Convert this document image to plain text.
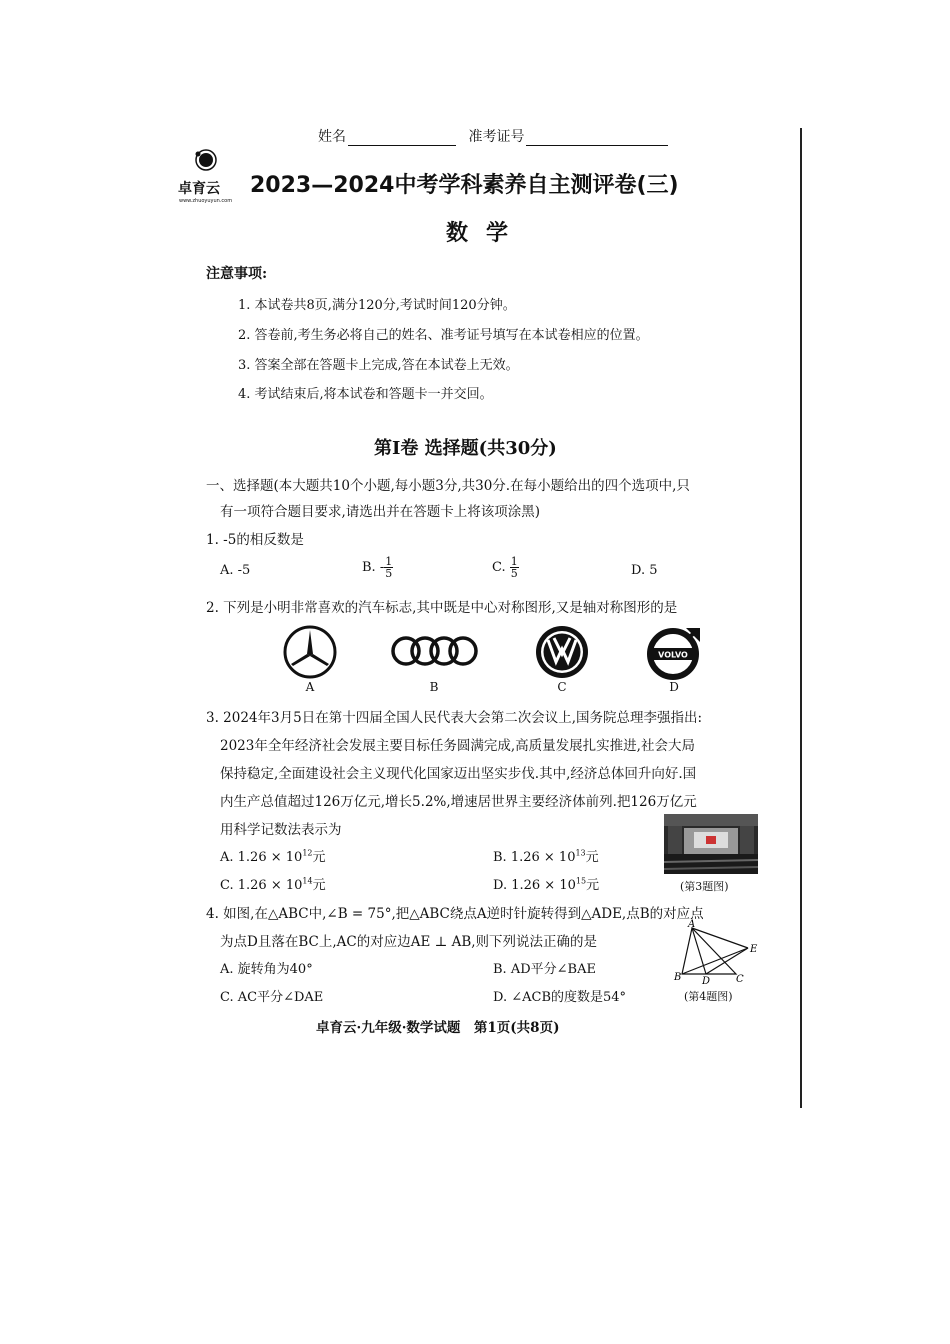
姓名	准考证号
卓育云
www.zhuoyuyun.com
2023—2024中考学科素养自主测评卷(三)
数学
注意事项:
1. 本试卷共8页,满分120分,考试时间120分钟。
2. 答卷前,考生务必将自己的姓名、准考证号填写在本试卷相应的位置。
3. 答案全部在答题卡上完成,答在本试卷上无效。
4. 考试结束后,将本试卷和答题卡一并交回。
第Ⅰ卷 选择题(共30分)
一、选择题(本大题共10个小题,每小题3分,共30分.在每小题给出的四个选项中,只
有一项符合题目要求,请选出并在答题卡上将该项涂黑)
1. -5的相反数是
A. -5	B. - $\frac{1}{5}$	C. $\frac{1}{5}$	D. 5
2. 下列是小明非常喜欢的汽车标志,其中既是中心对称图形,又是轴对称图形的是
A	B	C
VOLVO
D
3. 2024年3月5日在第十四届全国人民代表大会第二次会议上,国务院总理李强指出:
2023年全年经济社会发展主要目标任务圆满完成,高质量发展扎实推进,社会大局
保持稳定,全面建设社会主义现代化国家迈出坚实步伐.其中,经济总体回升向好.国
内生产总值超过126万亿元,增长5.2%,增速居世界主要经济体前列.把126万亿元
用科学记数法表示为
A. $1.26 \times 10^{12}$元	B. $1.26 \times 10^{13}$元
C. $1.26 \times 10^{14}$元	D. $1.26 \times 10^{15}$元	(第3题图)
4. 如图,在△ABC中,∠B = 75°,把△ABC绕点A逆时针旋转得到△ADE,点B的对应点
为点D且落在BC上,AC的对应边AE ⊥ AB,则下列说法正确的是
A. 旋转角为40°	B. AD平分∠BAE
C. AC平分∠DAE	D. ∠ACB的度数是54°
A
B D	C
E
(第4题图)
卓育云·九年级·数学试题　第1页(共8页)
